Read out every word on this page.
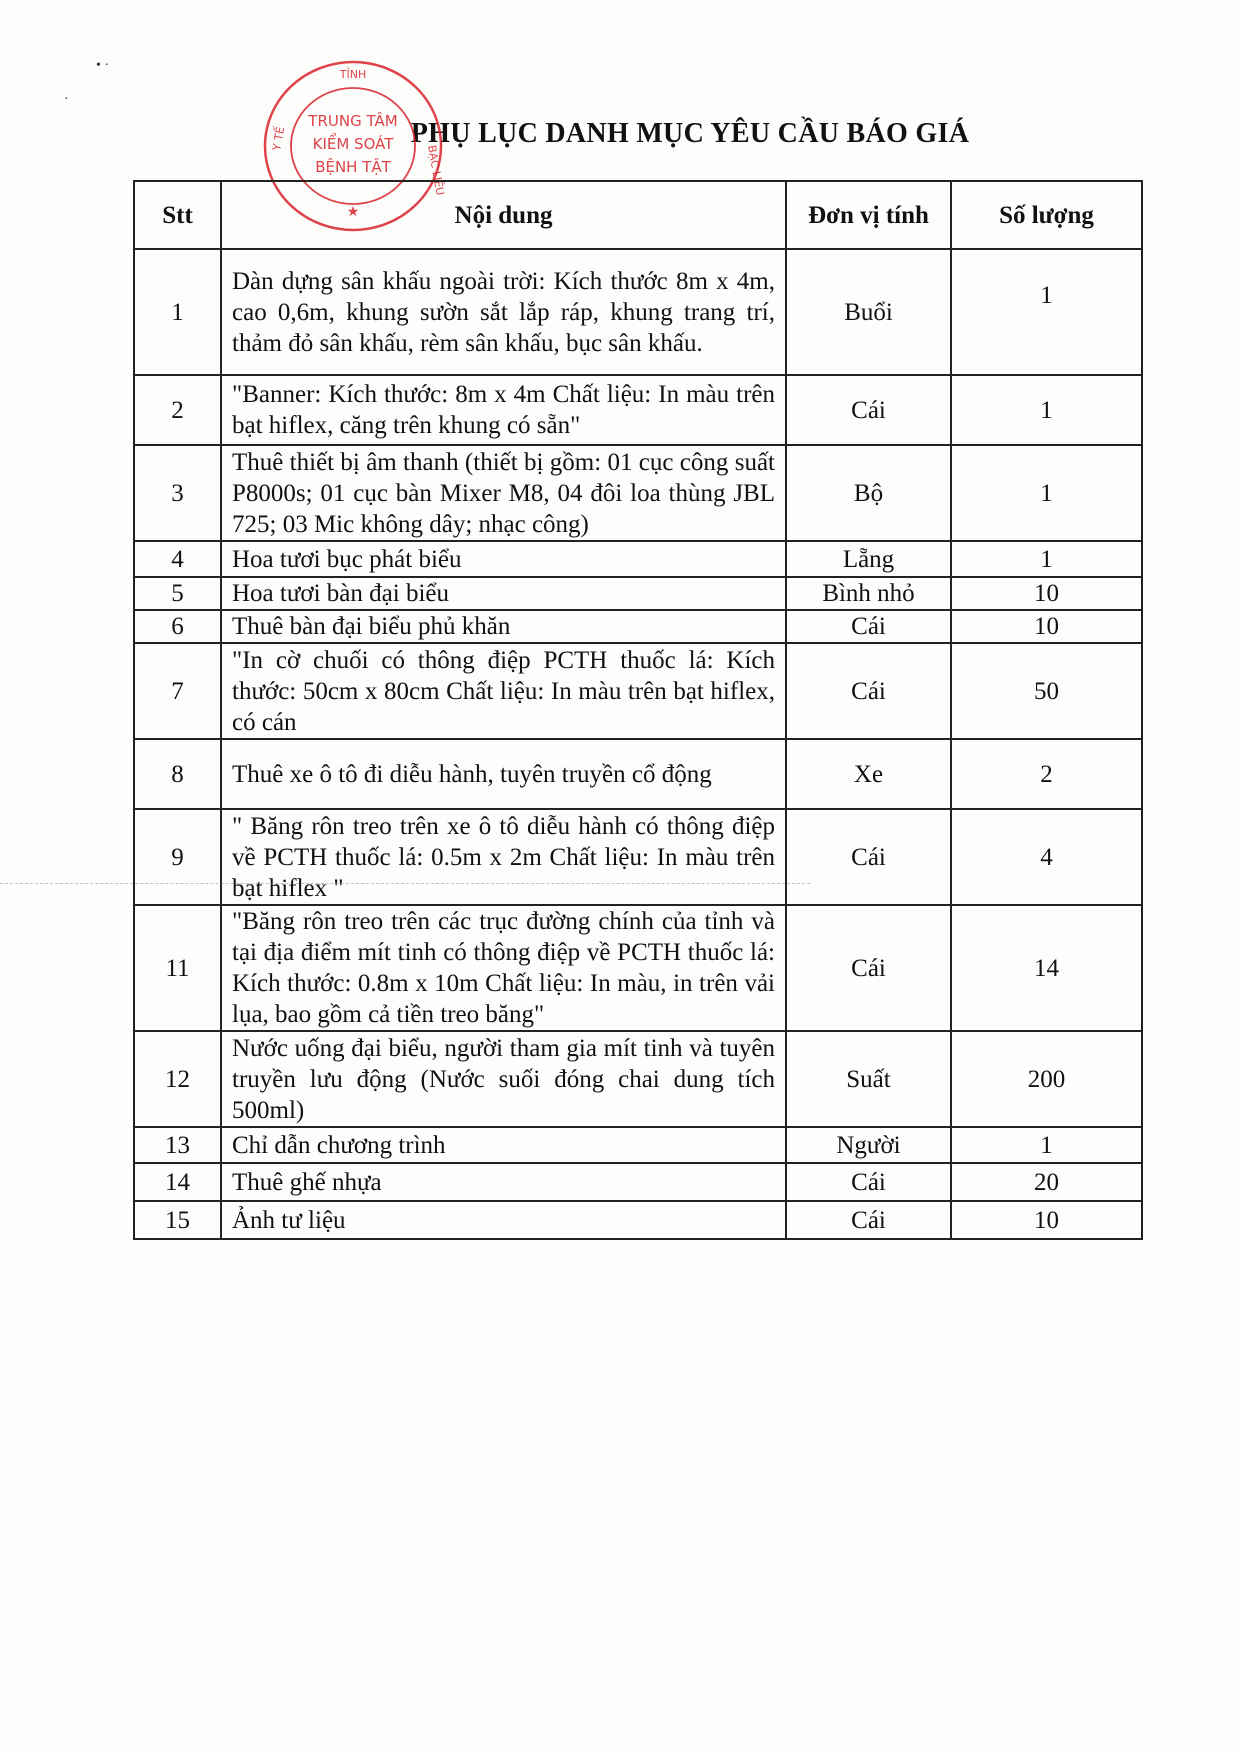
• ·
·
PHỤ LỤC DANH MỤC YÊU CẦU BÁO GIÁ
TỈNH
Y TẾ
BẠC LIÊU
TRUNG TÂM
KIỂM SOÁT
BỆNH TẬT
★
Stt	Nội dung	Đơn vị tính	Số lượng
1	Dàn dựng sân khấu ngoài trời: Kích thước 8m x 4m, cao 0,6m, khung sườn sắt lắp ráp, khung trang trí, thảm đỏ sân khấu, rèm sân khấu, bục sân khấu.	Buổi	1
2	"Banner: Kích thước: 8m x 4m Chất liệu: In màu trên bạt hiflex, căng trên khung có sẵn"	Cái	1
3	Thuê thiết bị âm thanh (thiết bị gồm: 01 cục công suất P8000s; 01 cục bàn Mixer M8, 04 đôi loa thùng JBL 725; 03 Mic không dây; nhạc công)	Bộ	1
4	Hoa tươi bục phát biểu	Lẵng	1
5	Hoa tươi bàn đại biểu	Bình nhỏ	10
6	Thuê bàn đại biểu phủ khăn	Cái	10
7	"In cờ chuối có thông điệp PCTH thuốc lá: Kích thước: 50cm x 80cm Chất liệu: In màu trên bạt hiflex, có cán	Cái	50
8	Thuê xe ô tô đi diễu hành, tuyên truyền cổ động	Xe	2
9	" Băng rôn treo trên xe ô tô diễu hành có thông điệp về PCTH thuốc lá: 0.5m x 2m Chất liệu: In màu trên bạt hiflex "	Cái	4
11	"Băng rôn treo trên các trục đường chính của tỉnh và tại địa điểm mít tinh có thông điệp về PCTH thuốc lá: Kích thước: 0.8m x 10m Chất liệu: In màu, in trên vải lụa, bao gồm cả tiền treo băng"	Cái	14
12	Nước uống đại biểu, người tham gia mít tinh và tuyên truyền lưu động (Nước suối đóng chai dung tích 500ml)	Suất	200
13	Chỉ dẫn chương trình	Người	1
14	Thuê ghế nhựa	Cái	20
15	Ảnh tư liệu	Cái	10
